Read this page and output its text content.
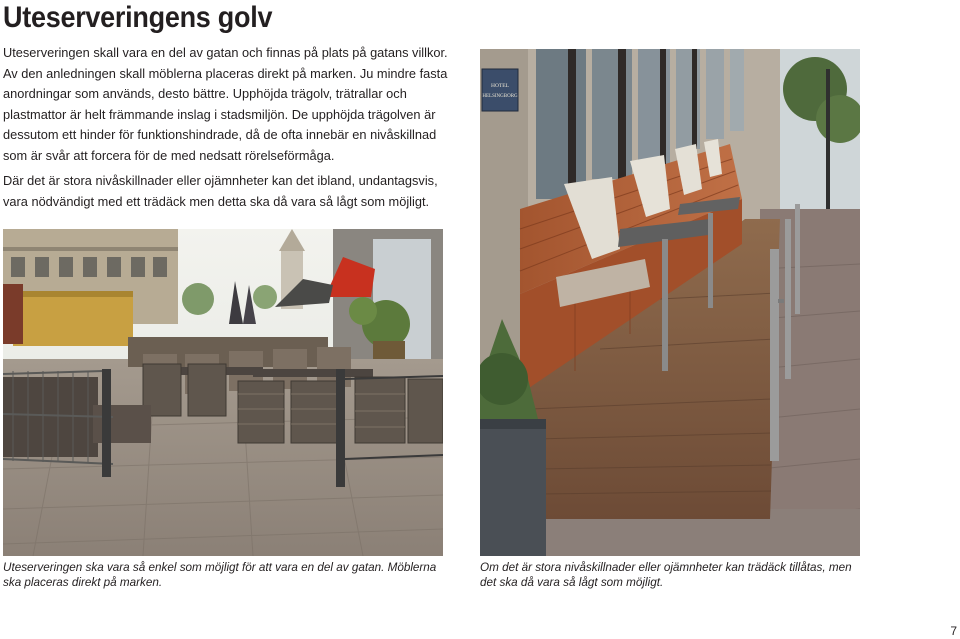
Uteserveringens golv

Uteserveringen skall vara en del av gatan och finnas på plats på gatans villkor. Av den anledningen skall möblerna placeras direkt på marken. Ju mindre fasta anordningar som används, desto bättre. Upphöjda trägolv, trätrallar och plastmattor är helt främmande inslag i stadsmiljön. De upphöjda trägolven är dessutom ett hinder för funktionshindrade, då de ofta innebär en nivåskillnad som är svår att forcera för de med nedsatt rörelseförmåga.

Där det är stora nivåskillnader eller ojämnheter kan det ibland, undantagsvis, vara nödvändigt med ett trädäck men detta ska då vara så lågt som möjligt.

HOTEL
HELSINGBORG

Uteserveringen ska vara så enkel som möjligt för att vara en del av gatan. Möblerna ska placeras direkt på marken.

Om det är stora nivåskillnader eller ojämnheter kan trädäck tillåtas, men det ska då vara så lågt som möjligt.

7
